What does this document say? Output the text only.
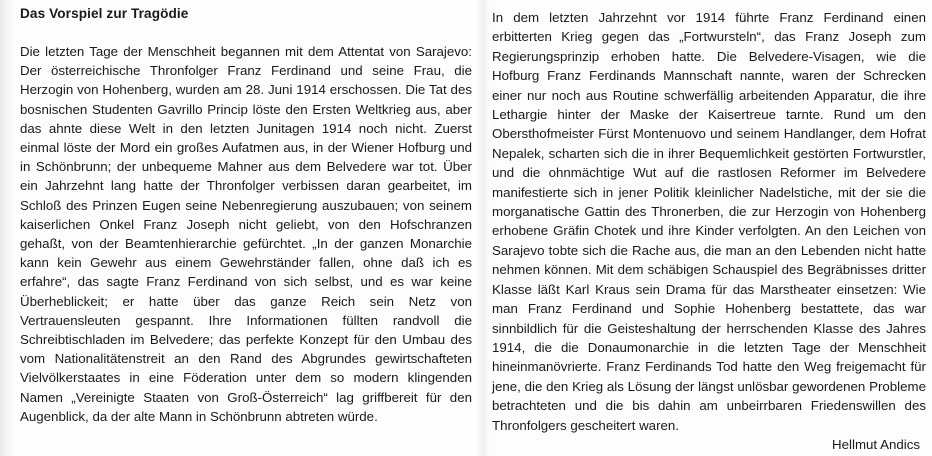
Das Vorspiel zur Tragödie

Die letzten Tage der Menschheit begannen mit dem Attentat von Sarajevo: Der österreichische Thronfolger Franz Ferdinand und seine Frau, die Herzogin von Hohenberg, wurden am 28. Juni 1914 erschossen. Die Tat des bosnischen Studenten Gavrillo Princip löste den Ersten Weltkrieg aus, aber das ahnte diese Welt in den letzten Junitagen 1914 noch nicht. Zuerst einmal löste der Mord ein großes Aufatmen aus, in der Wiener Hofburg und in Schönbrunn; der unbequeme Mahner aus dem Belvedere war tot. Über ein Jahrzehnt lang hatte der Thronfolger verbissen daran gearbeitet, im Schloß des Prinzen Eugen seine Nebenregierung auszubauen; von seinem kaiserlichen Onkel Franz Joseph nicht geliebt, von den Hofschranzen gehaßt, von der Beamtenhierarchie gefürchtet. „In der ganzen Monarchie kann kein Gewehr aus einem Gewehrständer fallen, ohne daß ich es erfahre“, das sagte Franz Ferdinand von sich selbst, und es war keine Überheblickeit; er hatte über das ganze Reich sein Netz von Vertrauensleuten gespannt. Ihre Informationen füllten randvoll die Schreibtischladen im Belvedere; das perfekte Konzept für den Umbau des vom Nationalitätenstreit an den Rand des Abgrundes gewirtschafteten Vielvölkerstaates in eine Föderation unter dem so modern klingenden Namen „Vereinigte Staaten von Groß-Österreich“ lag griffbereit für den Augenblick, da der alte Mann in Schönbrunn abtreten würde.

In dem letzten Jahrzehnt vor 1914 führte Franz Ferdinand einen erbitterten Krieg gegen das „Fortwursteln“, das Franz Joseph zum Regierungsprinzip erhoben hatte. Die Belvedere-Visagen, wie die Hofburg Franz Ferdinands Mannschaft nannte, waren der Schrecken einer nur noch aus Routine schwerfällig arbeitenden Apparatur, die ihre Lethargie hinter der Maske der Kaisertreue tarnte. Rund um den Obersthofmeister Fürst Montenuovo und seinem Handlanger, dem Hofrat Nepalek, scharten sich die in ihrer Bequemlichkeit gestörten Fortwurstler, und die ohnmächtige Wut auf die rastlosen Reformer im Belvedere manifestierte sich in jener Politik kleinlicher Nadelstiche, mit der sie die morganatische Gattin des Thronerben, die zur Herzogin von Hohenberg erhobene Gräfin Chotek und ihre Kinder verfolgten. An den Leichen von Sarajevo tobte sich die Rache aus, die man an den Lebenden nicht hatte nehmen können. Mit dem schäbigen Schauspiel des Begräbnisses dritter Klasse läßt Karl Kraus sein Drama für das Marstheater einsetzen: Wie man Franz Ferdinand und Sophie Hohenberg bestattete, das war sinnbildlich für die Geisteshaltung der herrschenden Klasse des Jahres 1914, die die Donaumonarchie in die letzten Tage der Menschheit hineinmanövrierte. Franz Ferdinands Tod hatte den Weg freigemacht für jene, die den Krieg als Lösung der längst unlösbar gewordenen Probleme betrachteten und die bis dahin am unbeirrbaren Friedenswillen des Thronfolgers gescheitert waren.

Hellmut Andics
